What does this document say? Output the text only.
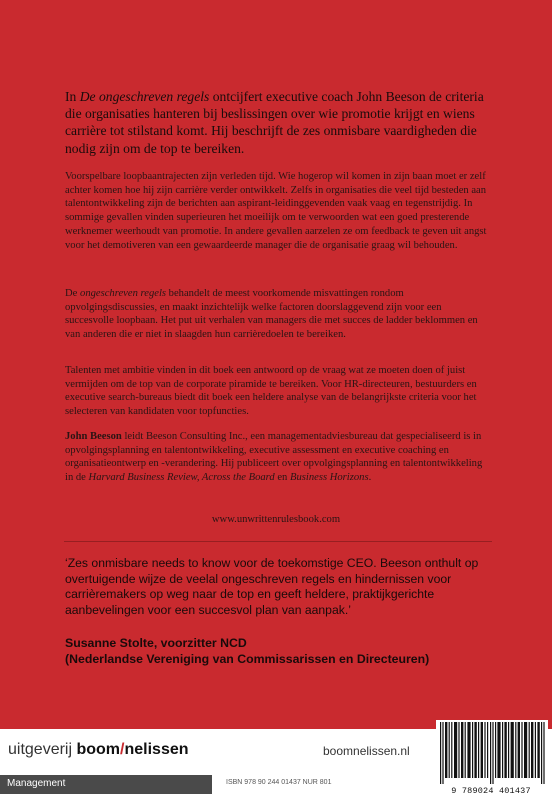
In De ongeschreven regels ontcijfert executive coach John Beeson de criteria die organisaties hanteren bij beslissingen over wie promotie krijgt en wiens carrière tot stilstand komt. Hij beschrijft de zes onmisbare vaardigheden die nodig zijn om de top te bereiken.

Voorspelbare loopbaantrajecten zijn verleden tijd. Wie hogerop wil komen in zijn baan moet er zelf achter komen hoe hij zijn carrière verder ontwikkelt. Zelfs in organisaties die veel tijd besteden aan talentontwikkeling zijn de berichten aan aspirant-leidinggevenden vaak vaag en tegenstrijdig. In sommige gevallen vinden superieuren het moeilijk om te verwoorden wat een goed presterende werknemer weerhoudt van promotie. In andere gevallen aarzelen ze om feedback te geven uit angst voor het demotiveren van een gewaardeerde manager die de organisatie graag wil behouden.

De ongeschreven regels behandelt de meest voorkomende misvattingen rondom opvolgingsdiscussies, en maakt inzichtelijk welke factoren doorslaggevend zijn voor een succesvolle loopbaan. Het put uit verhalen van managers die met succes de ladder beklommen en van anderen die er niet in slaagden hun carrièredoelen te bereiken.

Talenten met ambitie vinden in dit boek een antwoord op de vraag wat ze moeten doen of juist vermijden om de top van de corporate piramide te bereiken. Voor HR-directeuren, bestuurders en executive search-bureaus biedt dit boek een heldere analyse van de belangrijkste criteria voor het selecteren van kandidaten voor topfuncties.

John Beeson leidt Beeson Consulting Inc., een managementadviesbureau dat gespecialiseerd is in opvolgingsplanning en talentontwikkeling, executive assessment en executive coaching en organisatieontwerp en -verandering. Hij publiceert over opvolgingsplanning en talentontwikkeling in de Harvard Business Review, Across the Board en Business Horizons.

www.unwrittenrulesbook.com
‘Zes onmisbare needs to know voor de toekomstige CEO. Beeson onthult op overtuigende wijze de veelal ongeschreven regels en hindernissen voor carrièremakers op weg naar de top en geeft heldere, praktijkgerichte aanbevelingen voor een succesvol plan van aanpak.’
Susanne Stolte, voorzitter NCD
(Nederlandse Vereniging van Commissarissen en Directeuren)
uitgeverij boom/nelissen	boomnelissen.nl
Management	ISBN 978 90 244 01437 NUR 801
9 789024 401437
